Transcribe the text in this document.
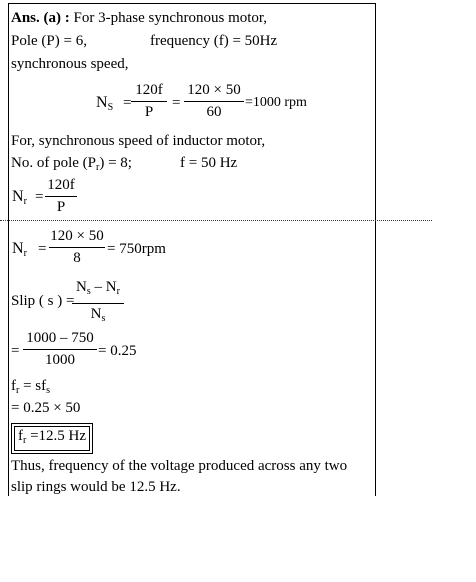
Ans. (a) : For 3-phase synchronous motor,
Pole (P) = 6,	frequency (f) = 50Hz
synchronous speed,
$N_S$ =
120f
P
=
120 × 50
60
=1000 rpm
For, synchronous speed of inductor motor,
No. of pole $(P_r) = 8$;	f = 50 Hz
$N_r$ =
120f
P
$N_r$ =
120 × 50
8
= 750rpm
Slip ( s ) =
$N_s - N_r$
$N_s$
=
1000 – 750
1000
= 0.25
$f_r = sf_s$
= 0.25 × 50
$f_r =12.5$ Hz
Thus, frequency of the voltage produced across any two
slip rings would be 12.5 Hz.
